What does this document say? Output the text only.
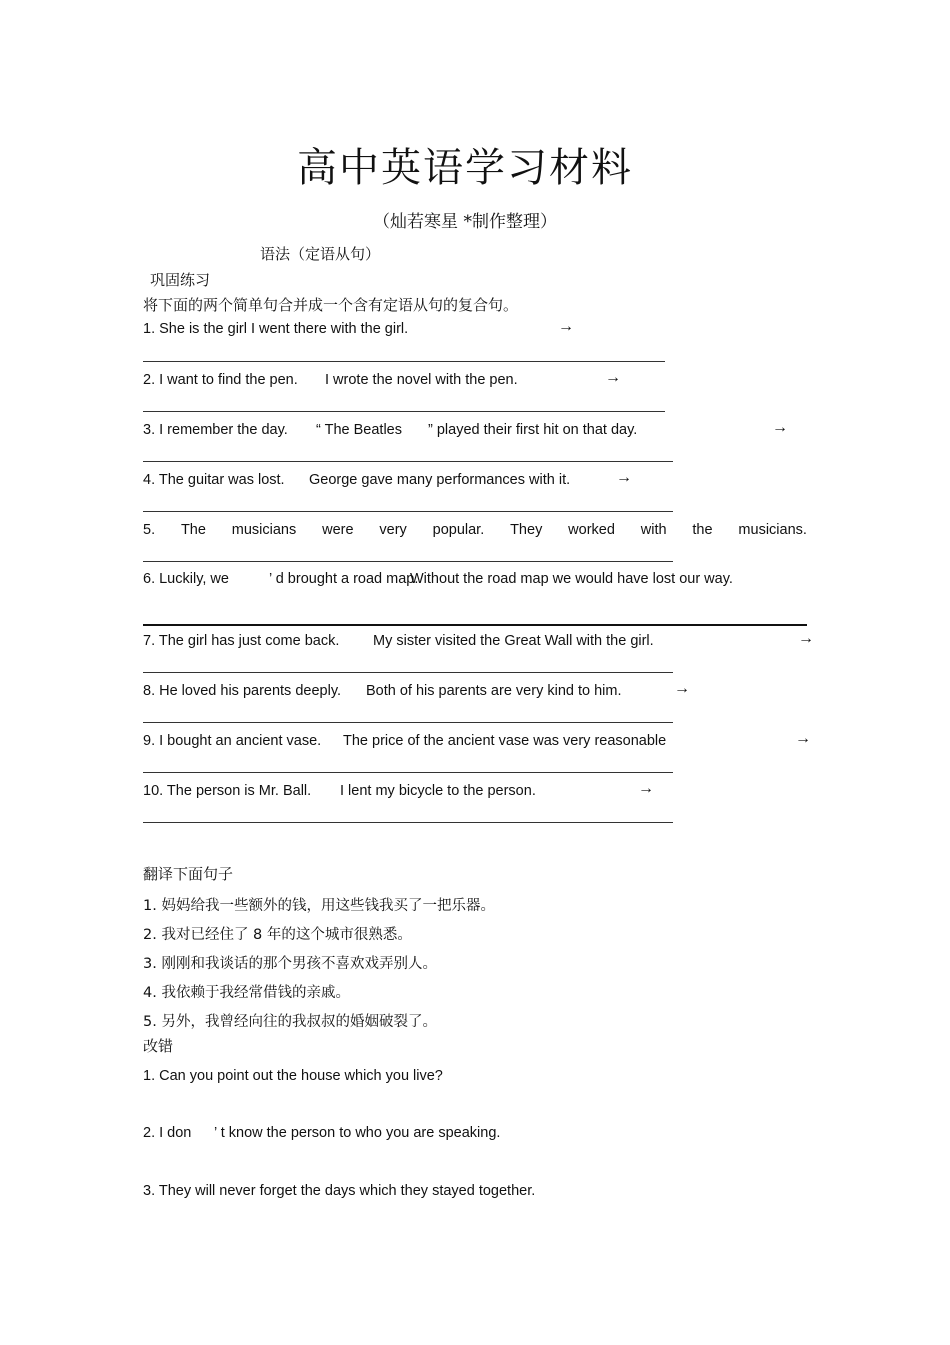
高中英语学习材料
（灿若寒星 *制作整理）
语法（定语从句）
巩固练习
将下面的两个简单句合并成一个含有定语从句的复合句。
1. She is the girl I went there with the girl.	→
2. I want to find the pen. I wrote the novel with the pen.	→
3. I remember the day. “ The Beatles ” played their first hit on that day.	→
4. The guitar was lost. George gave many performances with it.	→
5. The musicians were very popular. They worked with the musicians.
6. Luckily, we	’ d brought a road map.
Without the road map we would have lost our way.
7. The girl has just come back. My sister visited the Great Wall with the girl.	→
8. He loved his parents deeply. Both of his parents are very kind to him.	→
9. I bought an ancient vase. The price of the ancient vase was very reasonable	→
10. The person is Mr. Ball. I lent my bicycle to the person.	→
翻译下面句子
1. 妈妈给我一些额外的钱，用这些钱我买了一把乐器。
2. 我对已经住了 8 年的这个城市很熟悉。
3. 刚刚和我谈话的那个男孩不喜欢戏弄别人。
4. 我依赖于我经常借钱的亲戚。
5. 另外，我曾经向往的我叔叔的婚姻破裂了。
改错
1. Can you point out the house which you live?
2. I don ’ t know the person to who you are speaking.
3. They will never forget the days which they stayed together.
